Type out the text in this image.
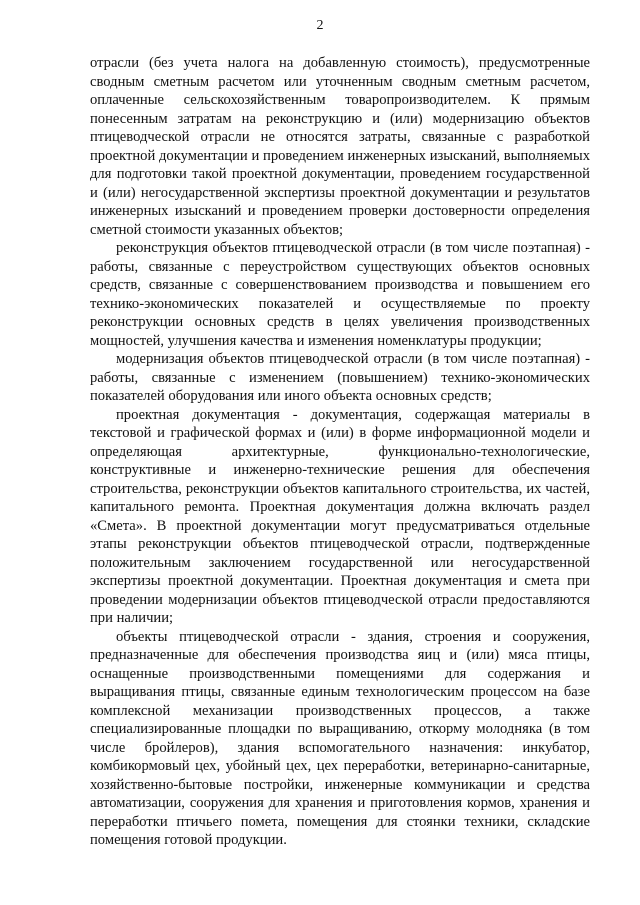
2

отрасли (без учета налога на добавленную стоимость), предусмотренные сводным сметным расчетом или уточненным сводным сметным расчетом, оплаченные сельскохозяйственным товаропроизводителем. К прямым понесенным затратам на реконструкцию и (или) модернизацию объектов птицеводческой отрасли не относятся затраты, связанные с разработкой проектной документации и проведением инженерных изысканий, выполняемых для подготовки такой проектной документации, проведением государственной и (или) негосударственной экспертизы проектной документации и результатов инженерных изысканий и проведением проверки достоверности определения сметной стоимости указанных объектов;

реконструкция объектов птицеводческой отрасли (в том числе поэтапная) - работы, связанные с переустройством существующих объектов основных средств, связанные с совершенствованием производства и повышением его технико-экономических показателей и осуществляемые по проекту реконструкции основных средств в целях увеличения производственных мощностей, улучшения качества и изменения номенклатуры продукции;

модернизация объектов птицеводческой отрасли (в том числе поэтапная) - работы, связанные с изменением (повышением) технико-экономических показателей оборудования или иного объекта основных средств;

проектная документация - документация, содержащая материалы в текстовой и графической формах и (или) в форме информационной модели и определяющая архитектурные, функционально-технологические, конструктивные и инженерно-технические решения для обеспечения строительства, реконструкции объектов капитального строительства, их частей, капитального ремонта. Проектная документация должна включать раздел «Смета». В проектной документации могут предусматриваться отдельные этапы реконструкции объектов птицеводческой отрасли, подтвержденные положительным заключением государственной или негосударственной экспертизы проектной документации. Проектная документация и смета при проведении модернизации объектов птицеводческой отрасли предоставляются при наличии;

объекты птицеводческой отрасли - здания, строения и сооружения, предназначенные для обеспечения производства яиц и (или) мяса птицы, оснащенные производственными помещениями для содержания и выращивания птицы, связанные единым технологическим процессом на базе комплексной механизации производственных процессов, а также специализированные площадки по выращиванию, откорму молодняка (в том числе бройлеров), здания вспомогательного назначения: инкубатор, комбикормовый цех, убойный цех, цех переработки, ветеринарно-санитарные, хозяйственно-бытовые постройки, инженерные коммуникации и средства автоматизации, сооружения для хранения и приготовления кормов, хранения и переработки птичьего помета, помещения для стоянки техники, складские помещения готовой продукции.
